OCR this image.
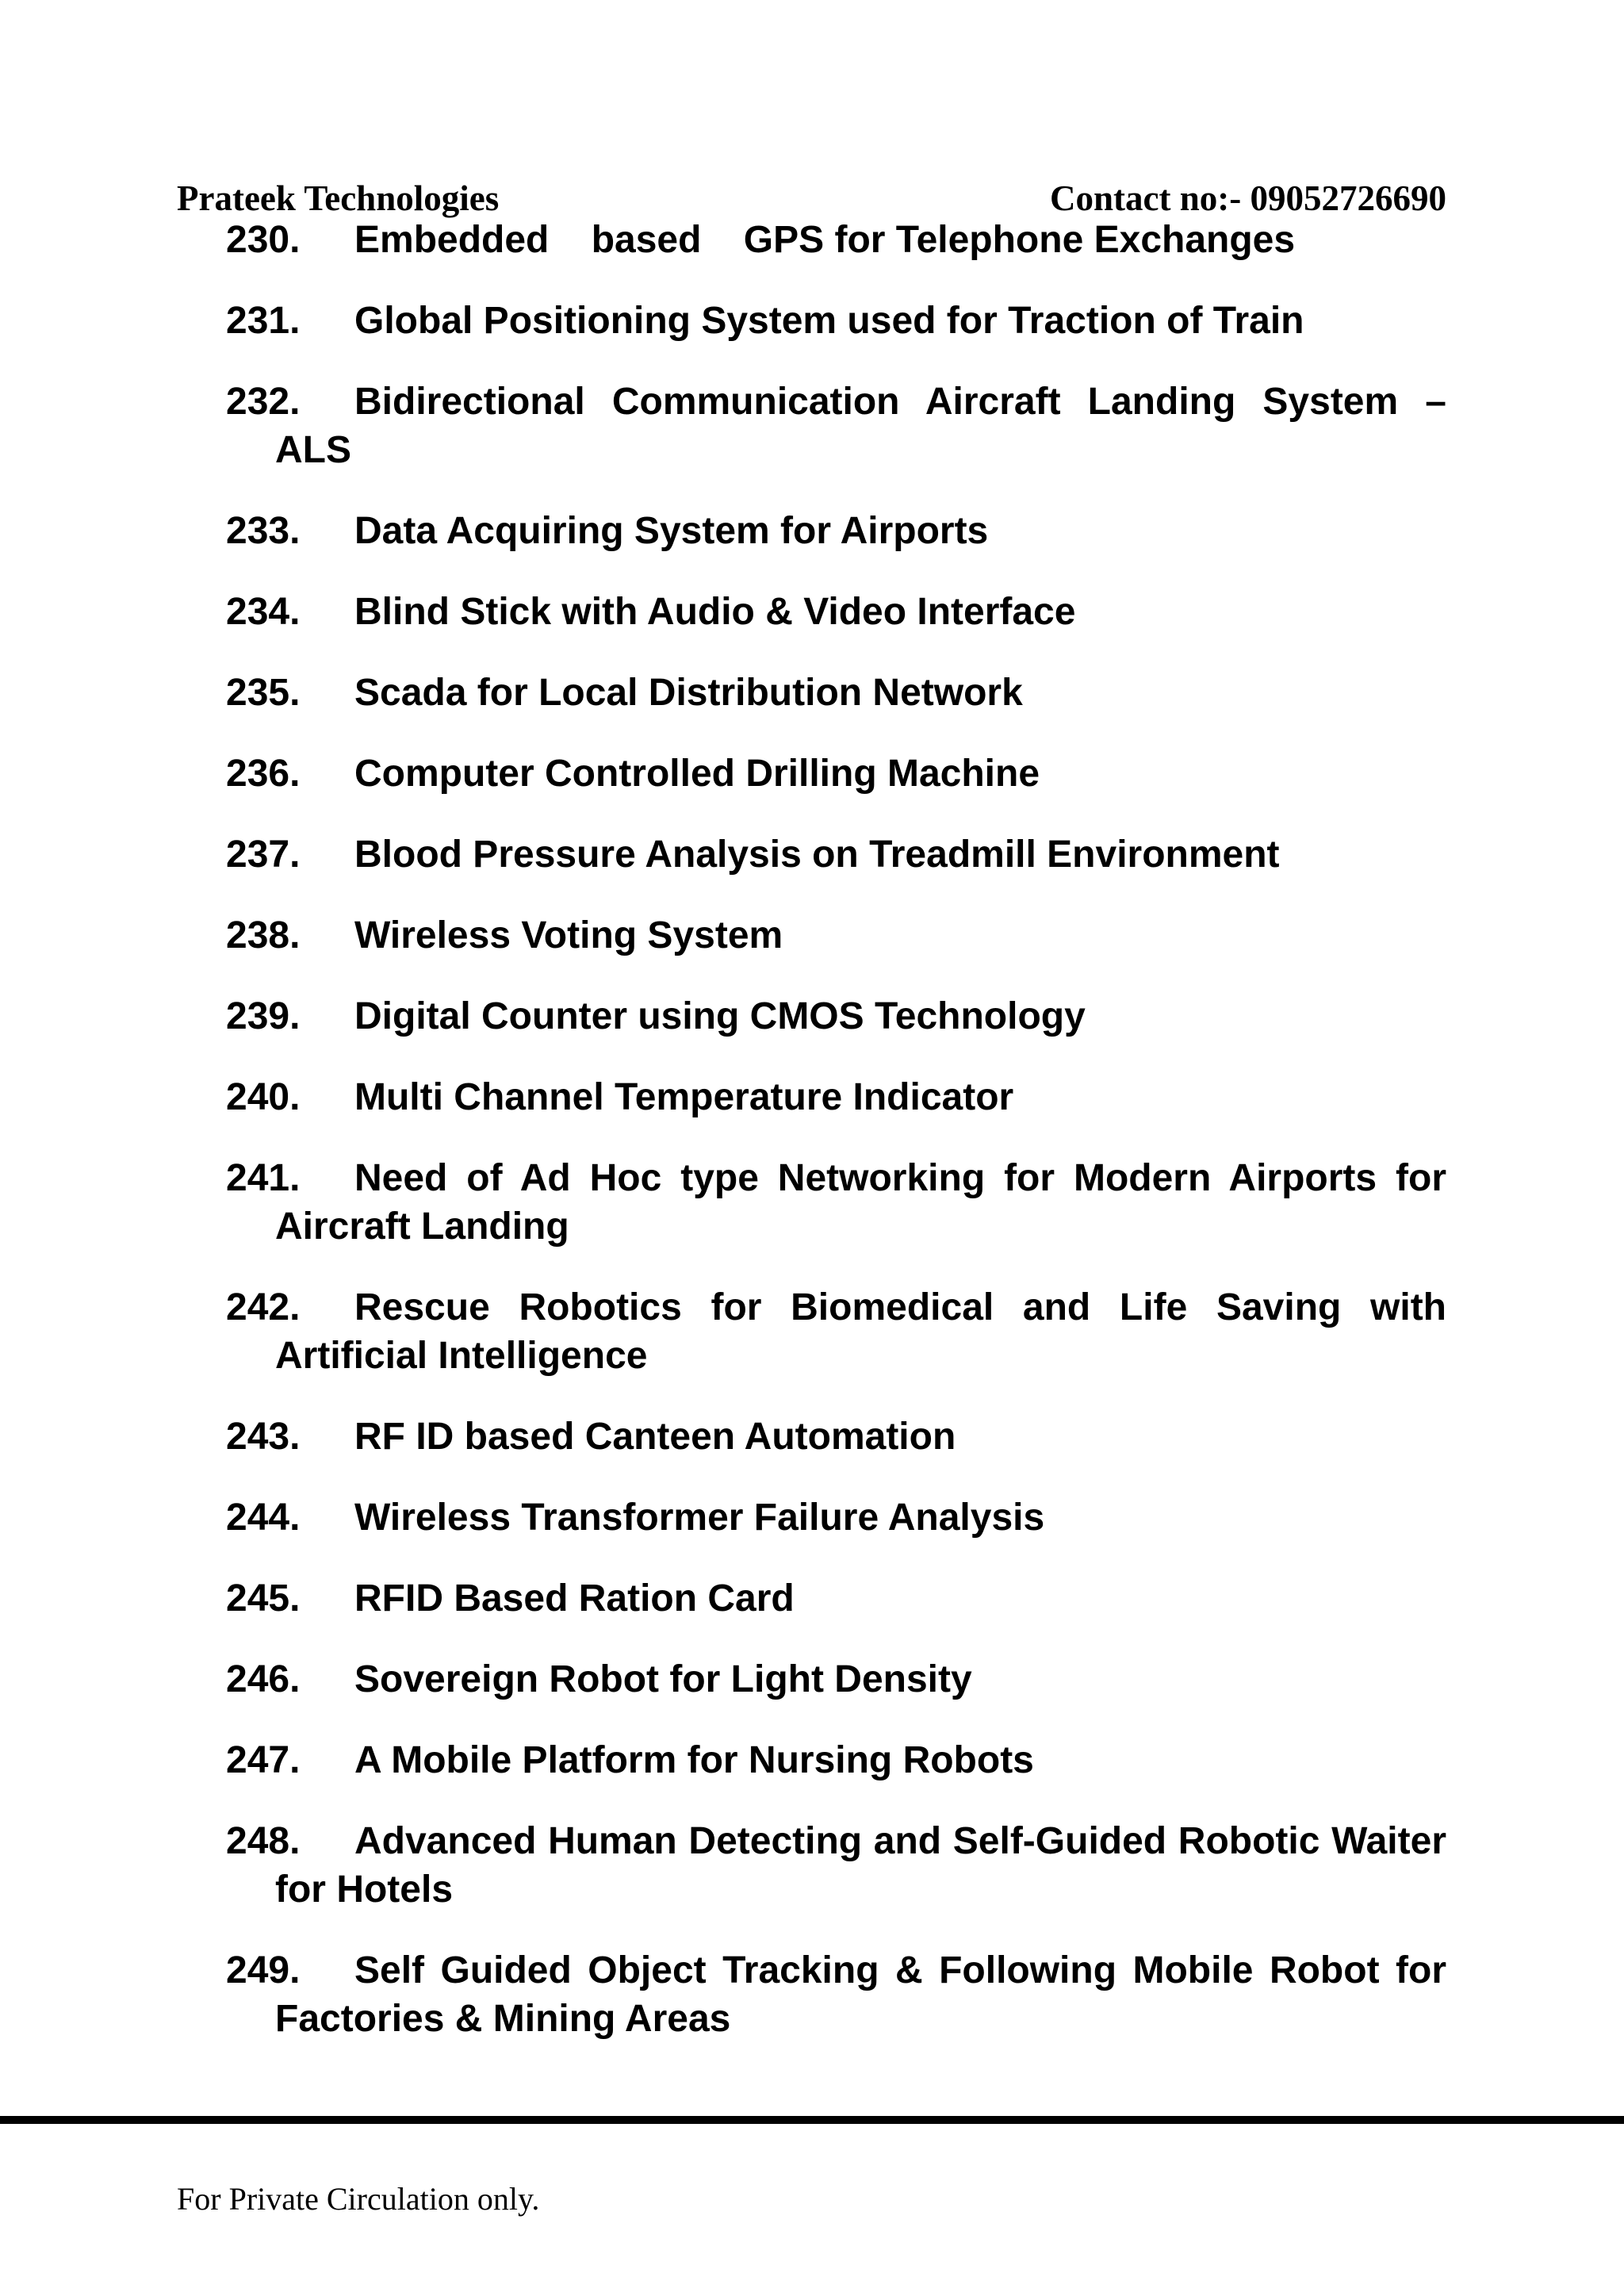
Prateek Technologies	Contact no:- 09052726690
230. Embedded    based    GPS for Telephone Exchanges
231. Global Positioning System used for Traction of Train
232. Bidirectional Communication Aircraft Landing System – ALS
233. Data Acquiring System for Airports
234. Blind Stick with Audio & Video Interface
235. Scada for Local Distribution Network
236. Computer Controlled Drilling Machine
237. Blood Pressure Analysis on Treadmill Environment
238. Wireless Voting System
239. Digital Counter using CMOS Technology
240. Multi Channel Temperature Indicator
241. Need of Ad Hoc type Networking for Modern Airports for Aircraft Landing
242. Rescue Robotics for Biomedical and Life Saving with Artificial Intelligence
243. RF ID based Canteen Automation
244. Wireless Transformer Failure Analysis
245. RFID Based Ration Card
246. Sovereign Robot for Light Density
247. A Mobile Platform for Nursing Robots
248. Advanced Human Detecting and Self-Guided Robotic Waiter for Hotels
249. Self Guided Object Tracking & Following Mobile Robot for Factories & Mining Areas
For Private Circulation only.
